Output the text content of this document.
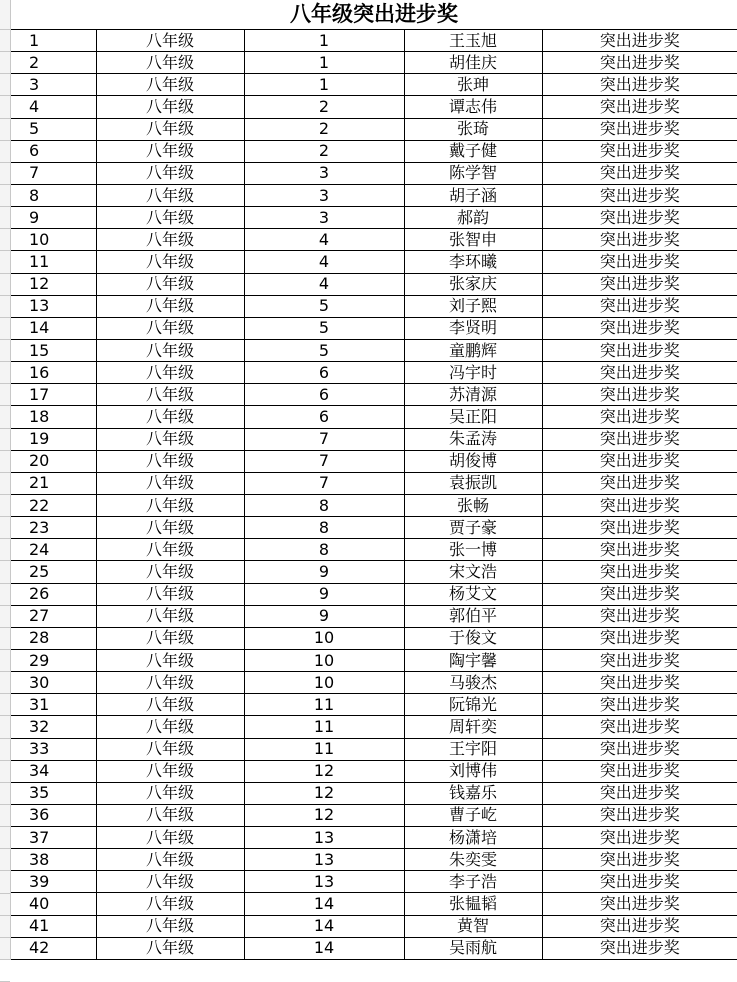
八年级突出进步奖
1	八年级	1	王玉旭	突出进步奖
2	八年级	1	胡佳庆	突出进步奖
3	八年级	1	张珅	突出进步奖
4	八年级	2	谭志伟	突出进步奖
5	八年级	2	张琦	突出进步奖
6	八年级	2	戴子健	突出进步奖
7	八年级	3	陈学智	突出进步奖
8	八年级	3	胡子涵	突出进步奖
9	八年级	3	郝韵	突出进步奖
10	八年级	4	张智申	突出进步奖
11	八年级	4	李环曦	突出进步奖
12	八年级	4	张家庆	突出进步奖
13	八年级	5	刘子熙	突出进步奖
14	八年级	5	李贤明	突出进步奖
15	八年级	5	童鹏辉	突出进步奖
16	八年级	6	冯宇时	突出进步奖
17	八年级	6	苏清源	突出进步奖
18	八年级	6	吴正阳	突出进步奖
19	八年级	7	朱孟涛	突出进步奖
20	八年级	7	胡俊博	突出进步奖
21	八年级	7	袁振凯	突出进步奖
22	八年级	8	张畅	突出进步奖
23	八年级	8	贾子豪	突出进步奖
24	八年级	8	张一博	突出进步奖
25	八年级	9	宋文浩	突出进步奖
26	八年级	9	杨艾文	突出进步奖
27	八年级	9	郭伯平	突出进步奖
28	八年级	10	于俊文	突出进步奖
29	八年级	10	陶宇馨	突出进步奖
30	八年级	10	马骏杰	突出进步奖
31	八年级	11	阮锦光	突出进步奖
32	八年级	11	周轩奕	突出进步奖
33	八年级	11	王宇阳	突出进步奖
34	八年级	12	刘博伟	突出进步奖
35	八年级	12	钱嘉乐	突出进步奖
36	八年级	12	曹子屹	突出进步奖
37	八年级	13	杨潇培	突出进步奖
38	八年级	13	朱奕雯	突出进步奖
39	八年级	13	李子浩	突出进步奖
40	八年级	14	张韫韬	突出进步奖
41	八年级	14	黄智	突出进步奖
42	八年级	14	吴雨航	突出进步奖
